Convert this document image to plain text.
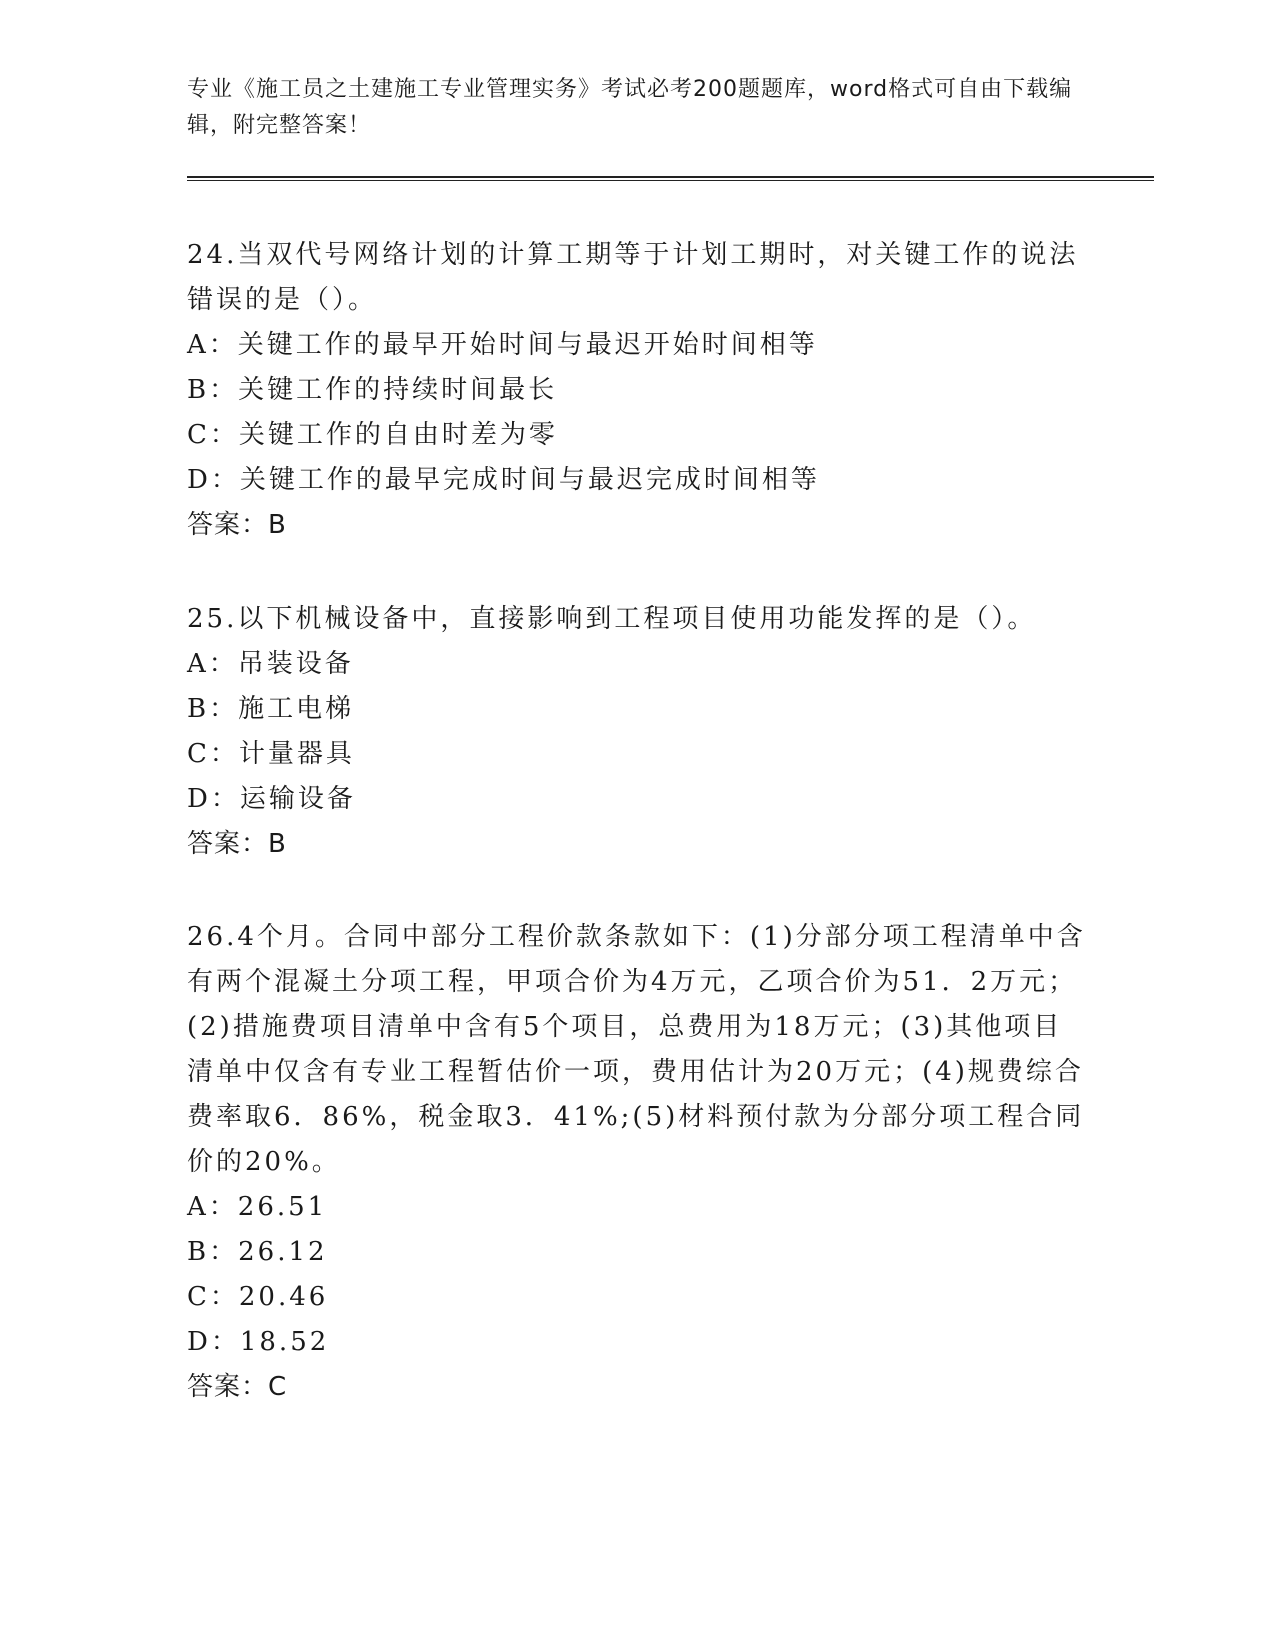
专业《施工员之土建施工专业管理实务》考试必考200题题库，word格式可自由下载编辑，附完整答案！
24.当双代号网络计划的计算工期等于计划工期时，对关键工作的说法错误的是（）。
A：关键工作的最早开始时间与最迟开始时间相等
B：关键工作的持续时间最长
C：关键工作的自由时差为零
D：关键工作的最早完成时间与最迟完成时间相等
答案：B
25.以下机械设备中，直接影响到工程项目使用功能发挥的是（）。
A：吊装设备
B：施工电梯
C：计量器具
D：运输设备
答案：B
26.4个月。合同中部分工程价款条款如下：(1)分部分项工程清单中含有两个混凝土分项工程，甲项合价为4万元，乙项合价为51．2万元；(2)措施费项目清单中含有5个项目，总费用为18万元；(3)其他项目清单中仅含有专业工程暂估价一项，费用估计为20万元；(4)规费综合费率取6．86%，税金取3．41%;(5)材料预付款为分部分项工程合同价的20%。
A：26.51
B：26.12
C：20.46
D：18.52
答案：C
